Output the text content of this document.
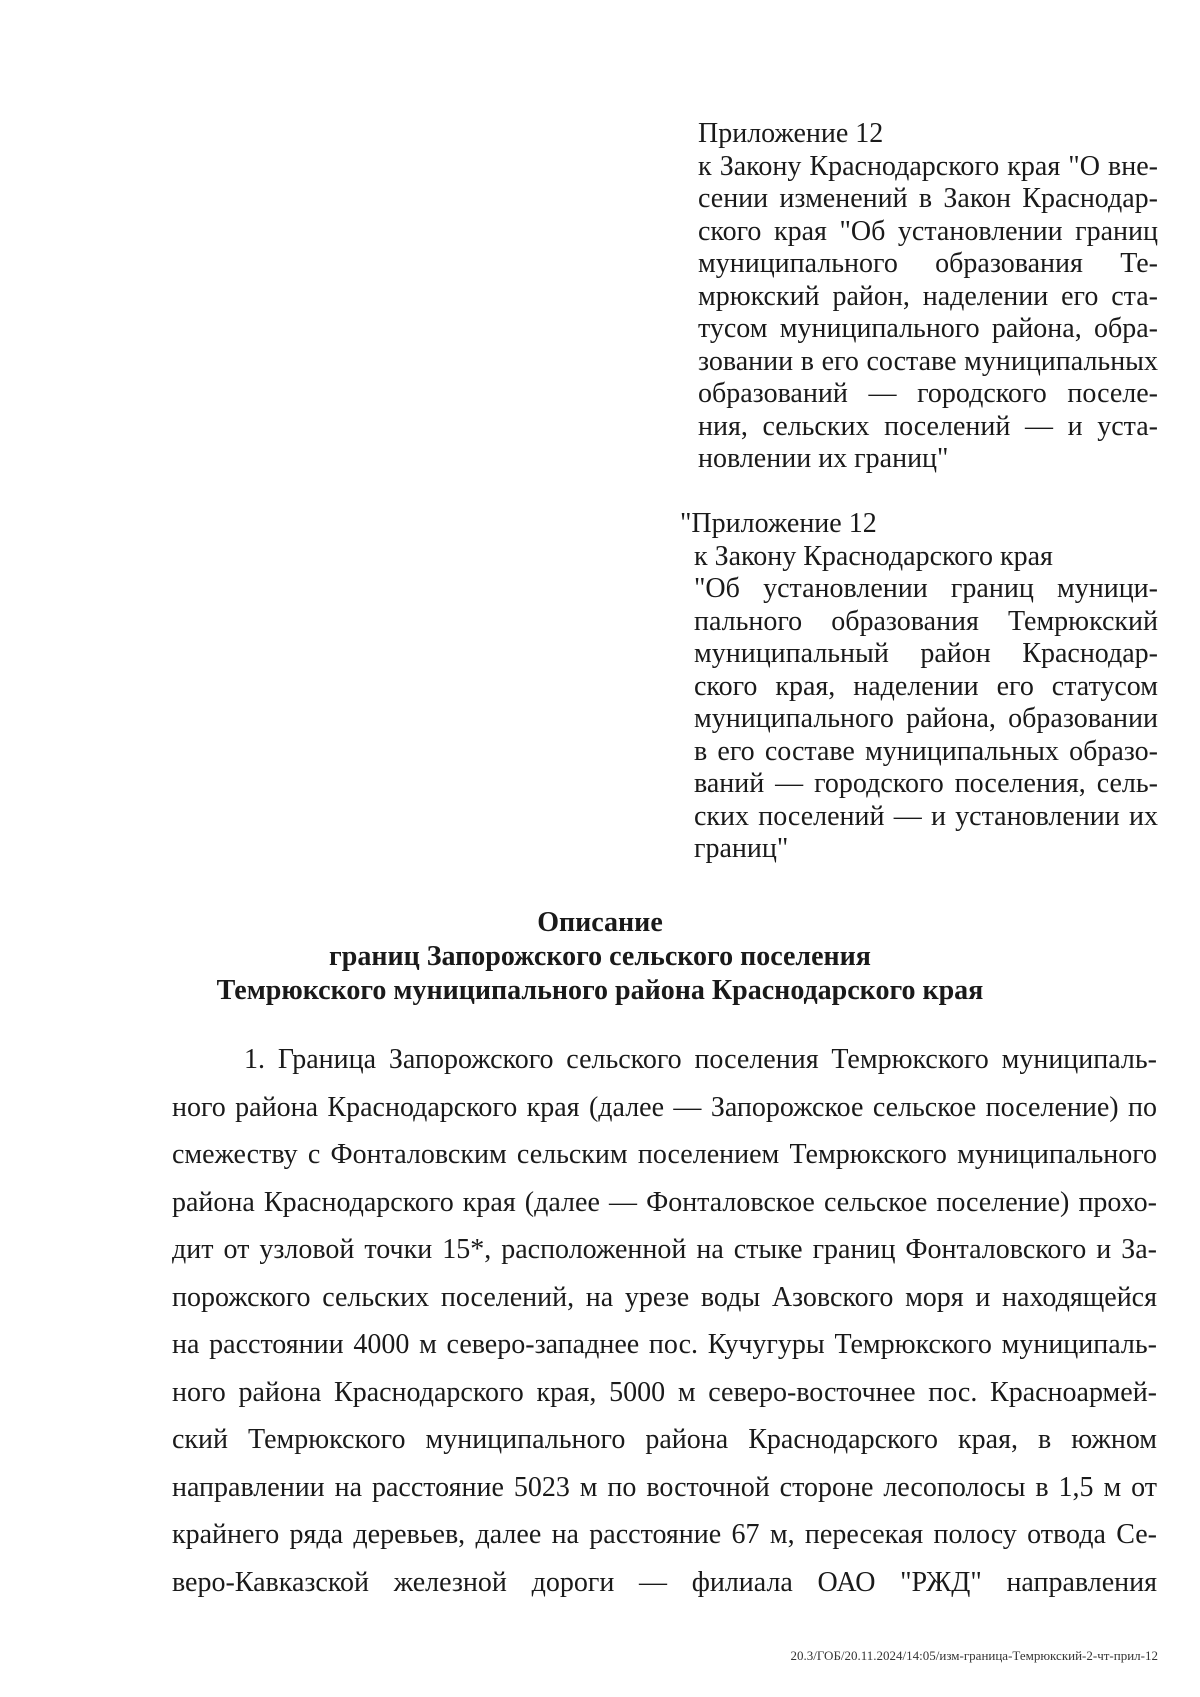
Приложение 12
к Закону Краснодарского края "О вне-
сении изменений в Закон Краснодар-
ского края "Об установлении границ
муниципального образования Те-
мрюкский район, наделении его ста-
тусом муниципального района, обра-
зовании в его составе муниципальных
образований — городского поселе-
ния, сельских поселений — и уста-
новлении их границ"
"Приложение 12
к Закону Краснодарского края
"Об установлении границ муници-
пального образования Темрюкский
муниципальный район Краснодар-
ского края, наделении его статусом
муниципального района, образовании
в его составе муниципальных образо-
ваний — городского поселения, сель-
ских поселений — и установлении их
границ"
Описание
границ Запорожского сельского поселения
Темрюкского муниципального района Краснодарского края
1. Граница Запорожского сельского поселения Темрюкского муниципаль-
ного района Краснодарского края (далее — Запорожское сельское поселение) по
смежеству с Фонталовским сельским поселением Темрюкского муниципального
района Краснодарского края (далее — Фонталовское сельское поселение) прохо-
дит от узловой точки 15*, расположенной на стыке границ Фонталовского и За-
порожского сельских поселений, на урезе воды Азовского моря и находящейся
на расстоянии 4000 м северо-западнее пос. Кучугуры Темрюкского муниципаль-
ного района Краснодарского края, 5000 м северо-восточнее пос. Красноармей-
ский Темрюкского муниципального района Краснодарского края, в южном
направлении на расстояние 5023 м по восточной стороне лесополосы в 1,5 м от
крайнего ряда деревьев, далее на расстояние 67 м, пересекая полосу отвода Се-
веро-Кавказской железной дороги — филиала ОАО "РЖД" направления
20.3/ГОБ/20.11.2024/14:05/изм-граница-Темрюкский-2-чт-прил-12
